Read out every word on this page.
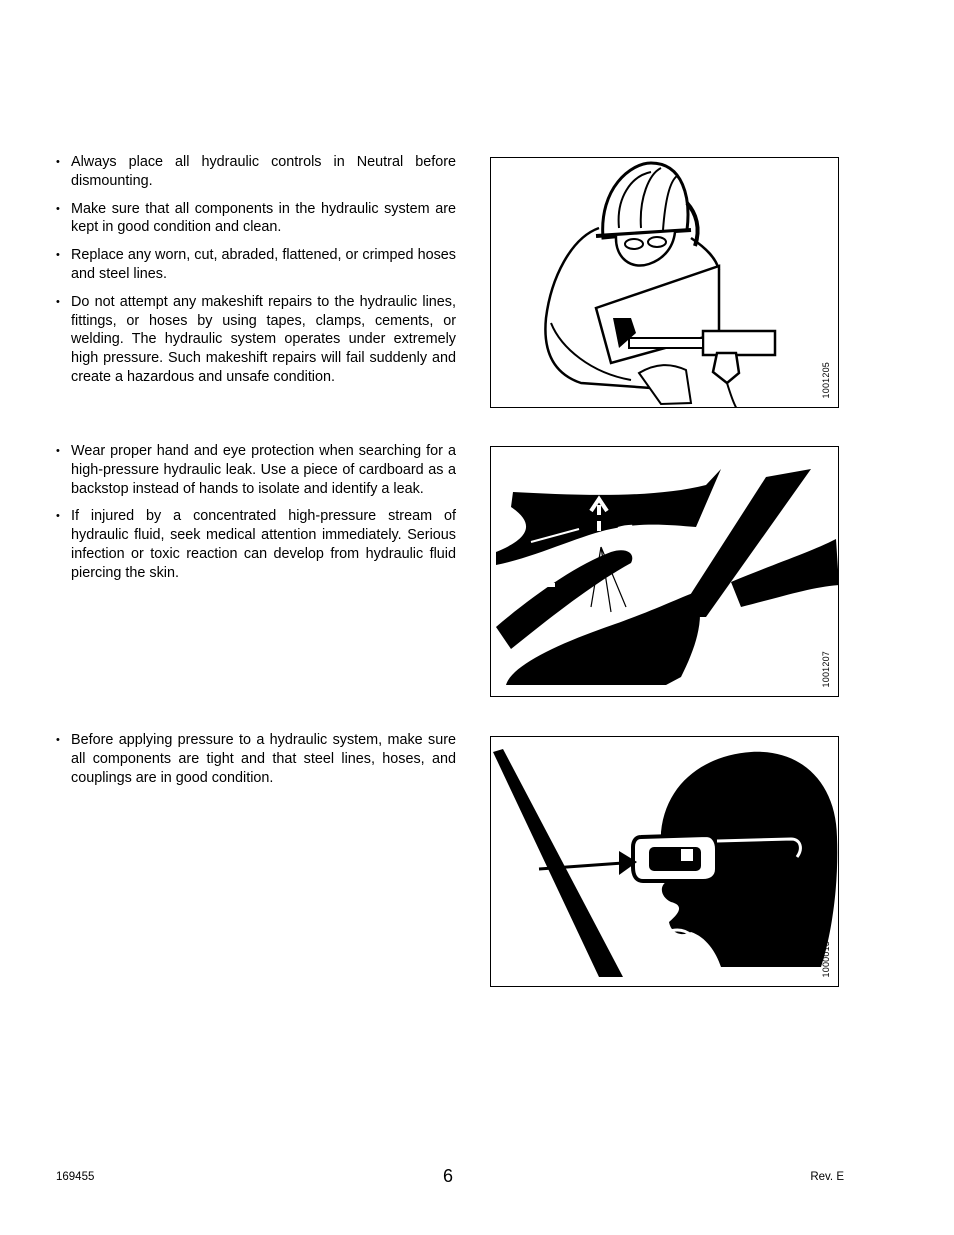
• Always place all hydraulic controls in Neutral before dismounting.
• Make sure that all components in the hydraulic system are kept in good condition and clean.
• Replace any worn, cut, abraded, flattened, or crimped hoses and steel lines.
• Do not attempt any makeshift repairs to the hydraulic lines, fittings, or hoses by using tapes, clamps, cements, or welding. The hydraulic system operates under extremely high pressure. Such makeshift repairs will fail suddenly and create a hazardous and unsafe condition.	1001205
• Wear proper hand and eye protection when searching for a high-pressure hydraulic leak. Use a piece of cardboard as a backstop instead of hands to isolate and identify a leak.
• If injured by a concentrated high-pressure stream of hydraulic fluid, seek medical attention immediately. Serious infection or toxic reaction can develop from hydraulic fluid piercing the skin.
1001207
• Before applying pressure to a hydraulic system, make sure all components are tight and that steel lines, hoses, and couplings are in good condition.
1000013
169455	6	Rev. E
